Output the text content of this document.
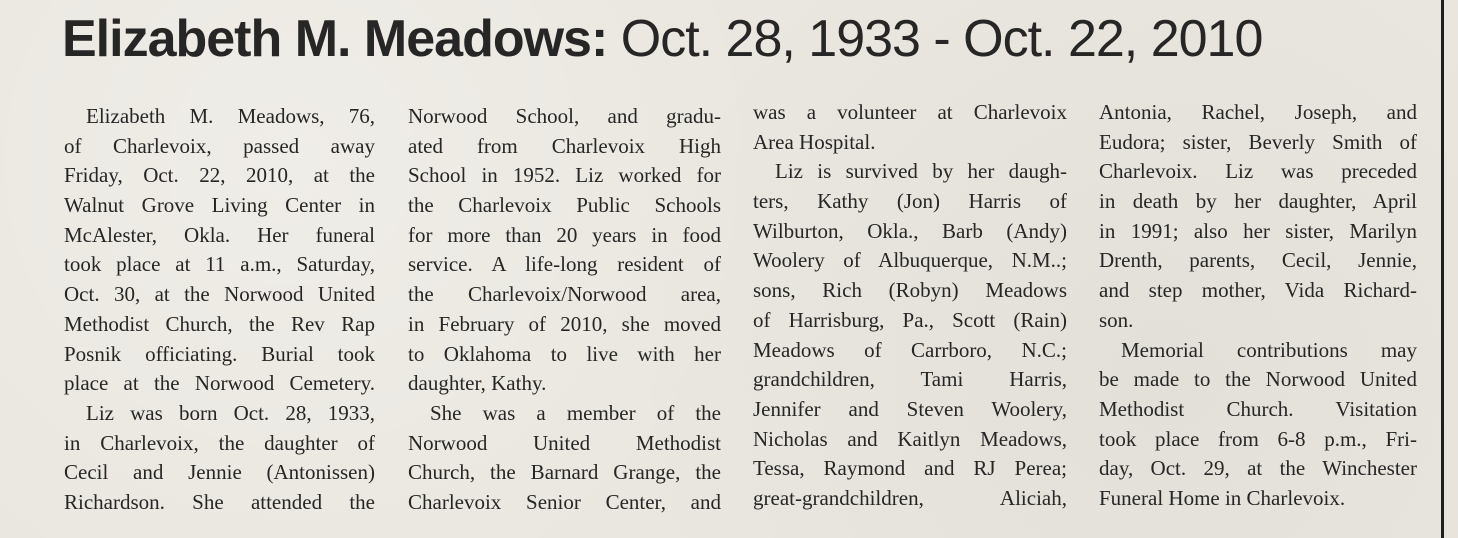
Elizabeth M. Meadows: Oct. 28, 1933 - Oct. 22, 2010
Elizabeth M. Meadows, 76,
of Charlevoix, passed away
Friday, Oct. 22, 2010, at the
Walnut Grove Living Center in
McAlester, Okla. Her funeral
took place at 11 a.m., Saturday,
Oct. 30, at the Norwood United
Methodist Church, the Rev Rap
Posnik officiating. Burial took
place at the Norwood Cemetery.
Liz was born Oct. 28, 1933,
in Charlevoix, the daughter of
Cecil and Jennie (Antonissen)
Richardson. She attended the
Norwood School, and gradu-
ated from Charlevoix High
School in 1952. Liz worked for
the Charlevoix Public Schools
for more than 20 years in food
service. A life-long resident of
the Charlevoix/Norwood area,
in February of 2010, she moved
to Oklahoma to live with her
daughter, Kathy.
She was a member of the
Norwood United Methodist
Church, the Barnard Grange, the
Charlevoix Senior Center, and
was a volunteer at Charlevoix
Area Hospital.
Liz is survived by her daugh-
ters, Kathy (Jon) Harris of
Wilburton, Okla., Barb (Andy)
Woolery of Albuquerque, N.M..;
sons, Rich (Robyn) Meadows
of Harrisburg, Pa., Scott (Rain)
Meadows of Carrboro, N.C.;
grandchildren, Tami Harris,
Jennifer and Steven Woolery,
Nicholas and Kaitlyn Meadows,
Tessa, Raymond and RJ Perea;
great-grandchildren, Aliciah,
Antonia, Rachel, Joseph, and
Eudora; sister, Beverly Smith of
Charlevoix. Liz was preceded
in death by her daughter, April
in 1991; also her sister, Marilyn
Drenth, parents, Cecil, Jennie,
and step mother, Vida Richard-
son.
Memorial contributions may
be made to the Norwood United
Methodist Church. Visitation
took place from 6-8 p.m., Fri-
day, Oct. 29, at the Winchester
Funeral Home in Charlevoix.
